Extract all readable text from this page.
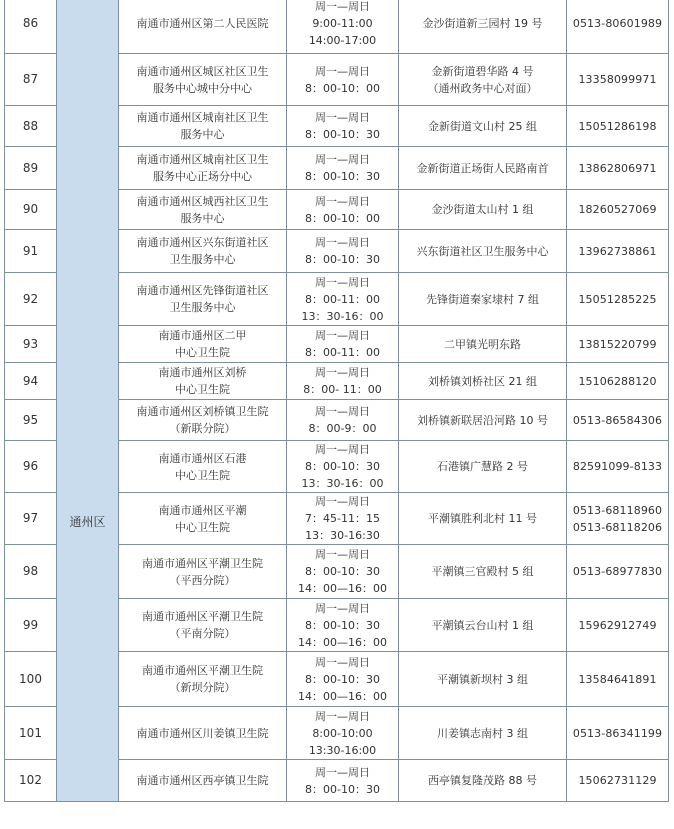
86	通州区	南通市通州区第二人民医院	周一—周日
9:00-11:00
14:00-17:00	金沙街道新三园村 19 号	0513-80601989

87		南通市通州区城区社区卫生
服务中心城中分中心	周一—周日
8：00-10：00	金新街道碧华路 4 号
（通州政务中心对面）	13358099971

88		南通市通州区城南社区卫生
服务中心	周一—周日
8：00-10：30	金新街道文山村 25 组	15051286198

89		南通市通州区城南社区卫生
服务中心正场分中心	周一—周日
8：00-10：30	金新街道正场街人民路南首	13862806971

90		南通市通州区城西社区卫生
服务中心	周一—周日
8：00-10：00	金沙街道太山村 1 组	18260527069

91		南通市通州区兴东街道社区
卫生服务中心	周一—周日
8：00-10：30	兴东街道社区卫生服务中心	13962738861

92		南通市通州区先锋街道社区
卫生服务中心	周一—周日
8：00-11：00
13：30-16：00	先锋街道秦家埭村 7 组	15051285225

93		南通市通州区二甲
中心卫生院	周一—周日
8：00-11：00	二甲镇光明东路	13815220799

94		南通市通州区刘桥
中心卫生院	周一—周日
8：00- 11：00	刘桥镇刘桥社区 21 组	15106288120

95		南通市通州区刘桥镇卫生院
（新联分院）	周一—周日
8：00-9：00	刘桥镇新联居沿河路 10 号	0513-86584306

96		南通市通州区石港
中心卫生院	周一—周日
8：00-10：30
13：30-16：00	石港镇广慧路 2 号	82591099-8133

97		南通市通州区平潮
中心卫生院	周一—周日
7：45-11：15
13：30-16:30	平潮镇胜利北村 11 号	0513-68118960
0513-68118206

98		南通市通州区平潮卫生院
（平西分院）	周一—周日
8：00-10：30
14：00—16：00	平潮镇三官殿村 5 组	0513-68977830

99		南通市通州区平潮卫生院
（平南分院）	周一—周日
8：00-10：30
14：00—16：00	平潮镇云台山村 1 组	15962912749

100		南通市通州区平潮卫生院
（新坝分院）	周一—周日
8：00-10：30
14：00—16：00	平潮镇新坝村 3 组	13584641891

101		南通市通州区川姜镇卫生院	周一—周日
8:00-10:00
13:30-16:00	川姜镇志南村 3 组	0513-86341199

102		南通市通州区西亭镇卫生院	周一—周日
8：00-10：30	西亭镇复隆茂路 88 号	15062731129
